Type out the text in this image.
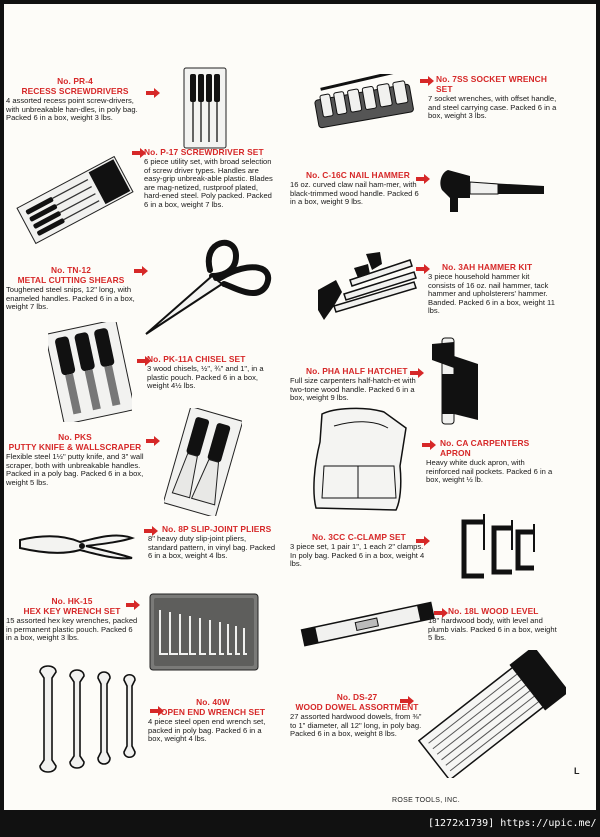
No. PR-4
RECESS SCREWDRIVERS
4 assorted recess point screw-drivers, with unbreakable han-dles, in poly bag. Packed 6 in a box, weight 3 lbs.
No. P-17 SCREWDRIVER SET
6 piece utility set, with broad selection of screw driver types. Handles are easy-grip unbreak-able plastic. Blades are mag-netized, rustproof plated, hard-ened steel. Poly packed. Packed 6 in a box, weight 7 lbs.
No. TN-12
METAL CUTTING SHEARS
Toughened steel snips, 12" long, with enameled handles. Packed 6 in a box, weight 7 lbs.
No. PK-11A CHISEL SET
3 wood chisels, ½", ¾" and 1", in a plastic pouch. Packed 6 in a box, weight 4½ lbs.
No. PKS
PUTTY KNIFE & WALLSCRAPER
Flexible steel 1½" putty knife, and 3" wall scraper, both with unbreakable handles. Packed in a poly bag. Packed 6 in a box, weight 5 lbs.
No. 8P SLIP-JOINT PLIERS
8" heavy duty slip-joint pliers, standard pattern, in vinyl bag. Packed 6 in a box, weight 4 lbs.
No. HK-15
HEX KEY WRENCH SET
15 assorted hex key wrenches, packed in permanent plastic pouch. Packed 6 in a box, weight 3 lbs.
No. 40W
OPEN END WRENCH SET
4 piece steel open end wrench set, packed in poly bag. Packed 6 in a box, weight 4 lbs.
No. 7SS SOCKET WRENCH SET
7 socket wrenches, with offset handle, and steel carrying case. Packed 6 in a box, weight 3 lbs.
No. C-16C NAIL HAMMER
16 oz. curved claw nail ham-mer, with black-trimmed wood handle. Packed 6 in a box, weight 9 lbs.
No. 3AH HAMMER KIT
3 piece household hammer kit consists of 16 oz. nail hammer, tack hammer and upholsterers' hammer. Banded. Packed 6 in a box, weight 11 lbs.
No. PHA HALF HATCHET
Full size carpenters half-hatch-et with two-tone wood handle. Packed 6 in a box, weight 9 lbs.
No. CA CARPENTERS APRON
Heavy white duck apron, with reinforced nail pockets. Packed 6 in a box, weight ½ lb.
No. 3CC C-CLAMP SET
3 piece set, 1 pair 1", 1 each 2" clamps. In poly bag. Packed 6 in a box, weight 4 lbs.
No. 18L WOOD LEVEL
18" hardwood body, with level and plumb vials. Packed 6 in a box, weight 5 lbs.
No. DS-27
WOOD DOWEL ASSORTMENT
27 assorted hardwood dowels, from ⅜" to 1" diameter, all 12" long, in poly bag. Packed 6 in a box, weight 8 lbs.
L
ROSE TOOLS, INC.
[1272x1739] https://upic.me/
